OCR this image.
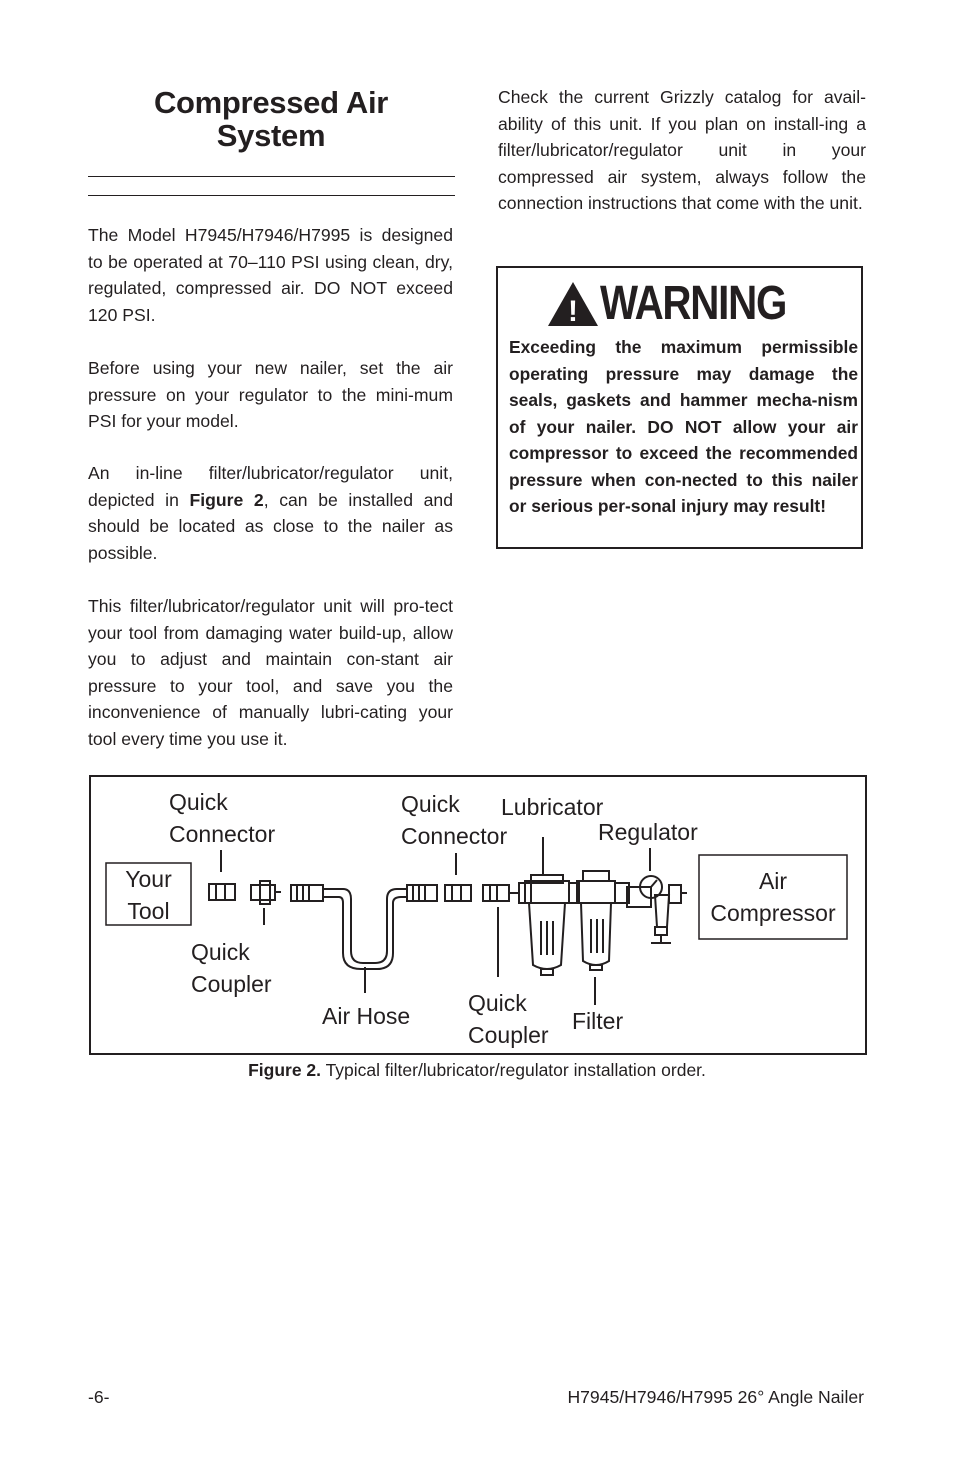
Compressed Air
System

The Model H7945/H7946/H7995 is designed to be operated at 70–110 PSI using clean, dry, regulated, compressed air. DO NOT exceed 120 PSI.

Before using your new nailer, set the air pressure on your regulator to the mini-mum PSI for your model.

An in-line filter/lubricator/regulator unit, depicted in Figure 2, can be installed and should be located as close to the nailer as possible.

This filter/lubricator/regulator unit will pro-tect your tool from damaging water build-up, allow you to adjust and maintain con-stant air pressure to your tool, and save you the inconvenience of manually lubri-cating your tool every time you use it.

Check the current Grizzly catalog for avail-ability of this unit. If you plan on install-ing a filter/lubricator/regulator unit in your compressed air system, always follow the connection instructions that come with the unit.

! WARNING

Exceeding the maximum permissible operating pressure may damage the seals, gaskets and hammer mecha-nism of your nailer. DO NOT allow your air compressor to exceed the recommended pressure when con-nected to this nailer or serious per-sonal injury may result!

Quick
Connector
Quick
Connector
Lubricator
Regulator
Your
Tool
Air
Compressor
Quick
Coupler
Air Hose	Quick
Coupler
Filter
Figure 2. Typical filter/lubricator/regulator installation order.
-6-	H7945/H7946/H7995 26° Angle Nailer
